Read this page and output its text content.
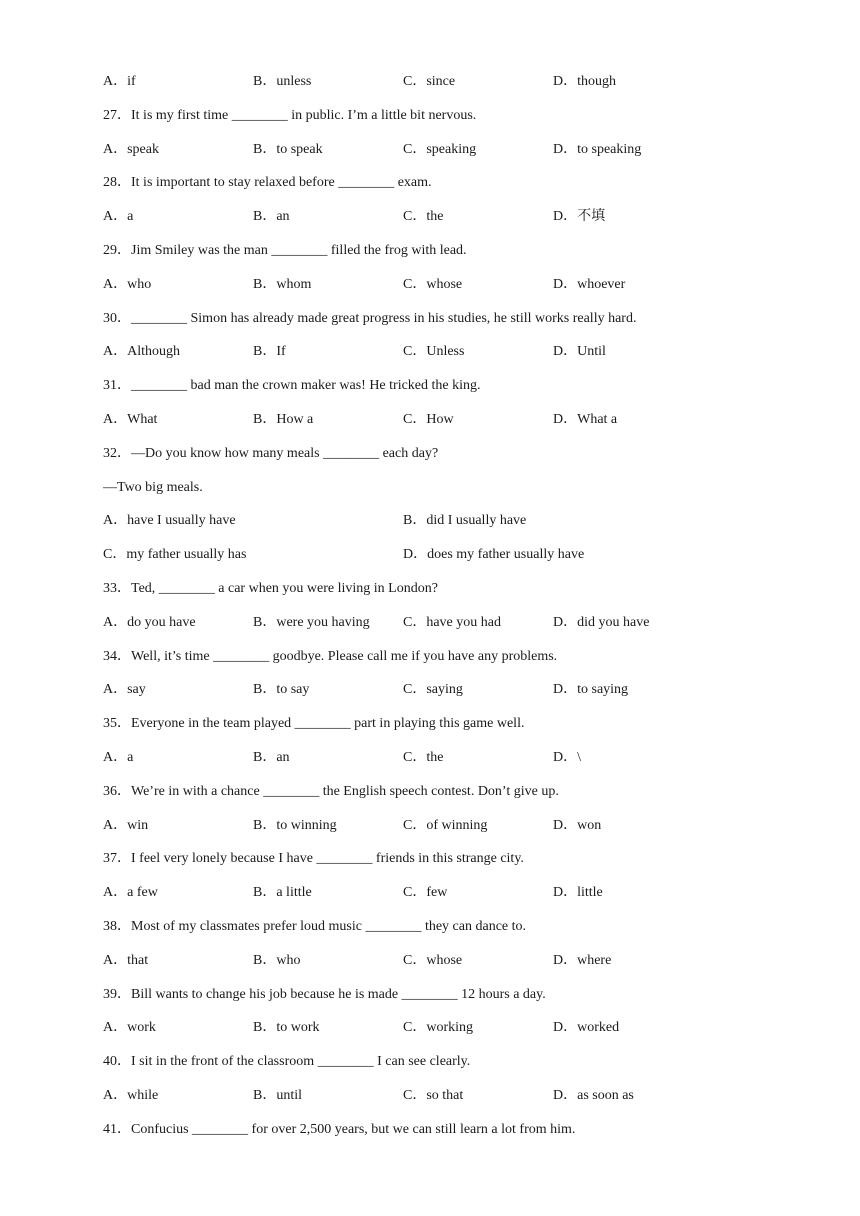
A．if	B．unless	C．since	D．though
27．It is my first time ________ in public. I’m a little bit nervous.
A．speak	B．to speak	C．speaking	D．to speaking
28．It is important to stay relaxed before ________ exam.
A．a	B．an	C．the	D．不填
29．Jim Smiley was the man ________ filled the frog with lead.
A．who	B．whom	C．whose	D．whoever
30．________ Simon has already made great progress in his studies, he still works really hard.
A．Although	B．If	C．Unless	D．Until
31．________ bad man the crown maker was! He tricked the king.
A．What	B．How a	C．How	D．What a
32．—Do you know how many meals ________ each day?
—Two big meals.
A．have I usually have	B．did I usually have
C．my father usually has	D．does my father usually have
33．Ted, ________ a car when you were living in London?
A．do you have	B．were you having C．have you had	D．did you have
34．Well, it’s time ________ goodbye. Please call me if you have any problems.
A．say	B．to say	C．saying	D．to saying
35．Everyone in the team played ________ part in playing this game well.
A．a	B．an	C．the	D．\
36．We’re in with a chance ________ the English speech contest. Don’t give up.
A．win	B．to winning	C．of winning	D．won
37．I feel very lonely because I have ________ friends in this strange city.
A．a few	B．a little	C．few	D．little
38．Most of my classmates prefer loud music ________ they can dance to.
A．that	B．who	C．whose	D．where
39．Bill wants to change his job because he is made ________ 12 hours a day.
A．work	B．to work	C．working	D．worked
40．I sit in the front of the classroom ________ I can see clearly.
A．while	B．until	C．so that	D．as soon as
41．Confucius ________ for over 2,500 years, but we can still learn a lot from him.
